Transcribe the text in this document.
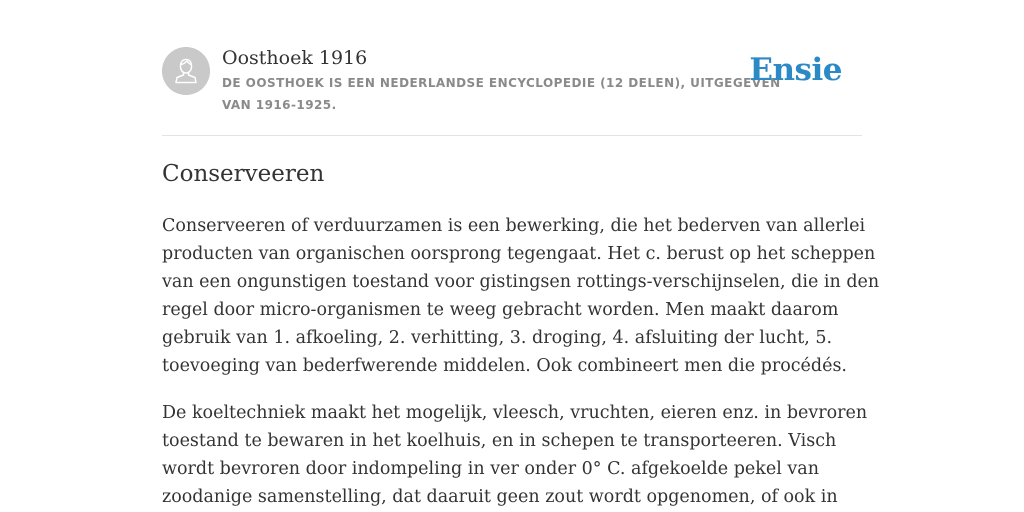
Oosthoek 1916
DE OOSTHOEK IS EEN NEDERLANDSE ENCYCLOPEDIE (12 DELEN), UITGEGEVEN
VAN 1916-1925.
Ensie
Conserveeren

Conserveeren of verduurzamen is een bewerking, die het bederven van allerlei
producten van organischen oorsprong tegengaat. Het c. berust op het scheppen
van een ongunstigen toestand voor gistingsen rottings-verschijnselen, die in den
regel door micro-organismen te weeg gebracht worden. Men maakt daarom
gebruik van 1. afkoeling, 2. verhitting, 3. droging, 4. afsluiting der lucht, 5.
toevoeging van bederfwerende middelen. Ook combineert men die procédés.

De koeltechniek maakt het mogelijk, vleesch, vruchten, eieren enz. in bevroren
toestand te bewaren in het koelhuis, en in schepen te transporteeren. Visch
wordt bevroren door indompeling in ver onder 0° C. afgekoelde pekel van
zoodanige samenstelling, dat daaruit geen zout wordt opgenomen, of ook in
